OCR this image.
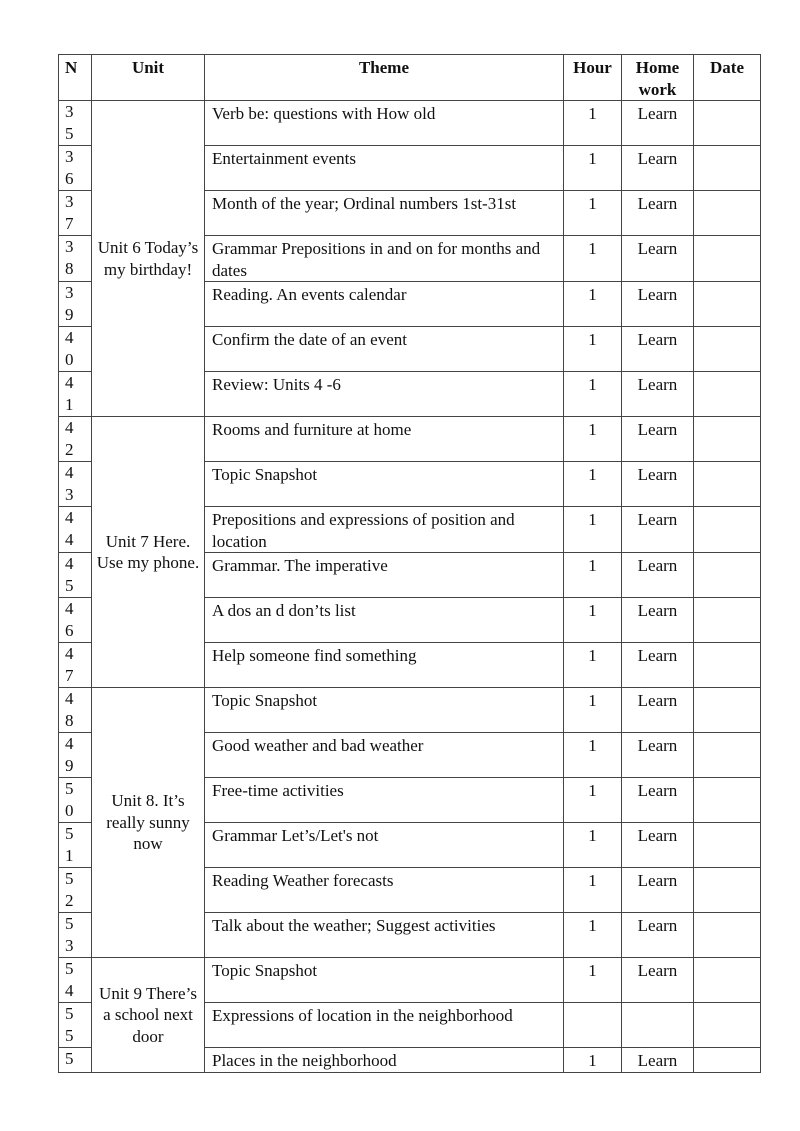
N	Unit	Theme	Hour	Home work	Date

35	Unit 6 Today’s my birthday!	Verb be: questions with How old	1	Learn	

36		Entertainment events	1	Learn	

37		Month of the year; Ordinal numbers 1st-31st	1	Learn	

38		Grammar Prepositions in and on for months and dates	1	Learn	

39		Reading. An events calendar	1	Learn	

40		Confirm the date of an event	1	Learn	

41		Review: Units 4 -6	1	Learn	

42	Unit 7 Here. Use my phone.	Rooms and furniture at home	1	Learn	

43		Topic Snapshot	1	Learn	

44		Prepositions and expressions of position and location	1	Learn	

45		Grammar. The imperative	1	Learn	

46		A dos an d don’ts list	1	Learn	

47		Help someone find something	1	Learn	

48	Unit 8. It’s really sunny now	Topic Snapshot	1	Learn	

49		Good weather and bad weather	1	Learn	

50		Free-time activities	1	Learn	

51		Grammar Let’s/Let's not	1	Learn	

52		Reading Weather forecasts	1	Learn	

53		Talk about the weather; Suggest activities	1	Learn	

54	Unit 9 There’s a school next door	Topic Snapshot	1	Learn	

55		Expressions of location in the neighborhood			

5		Places in the neighborhood	1	Learn	
